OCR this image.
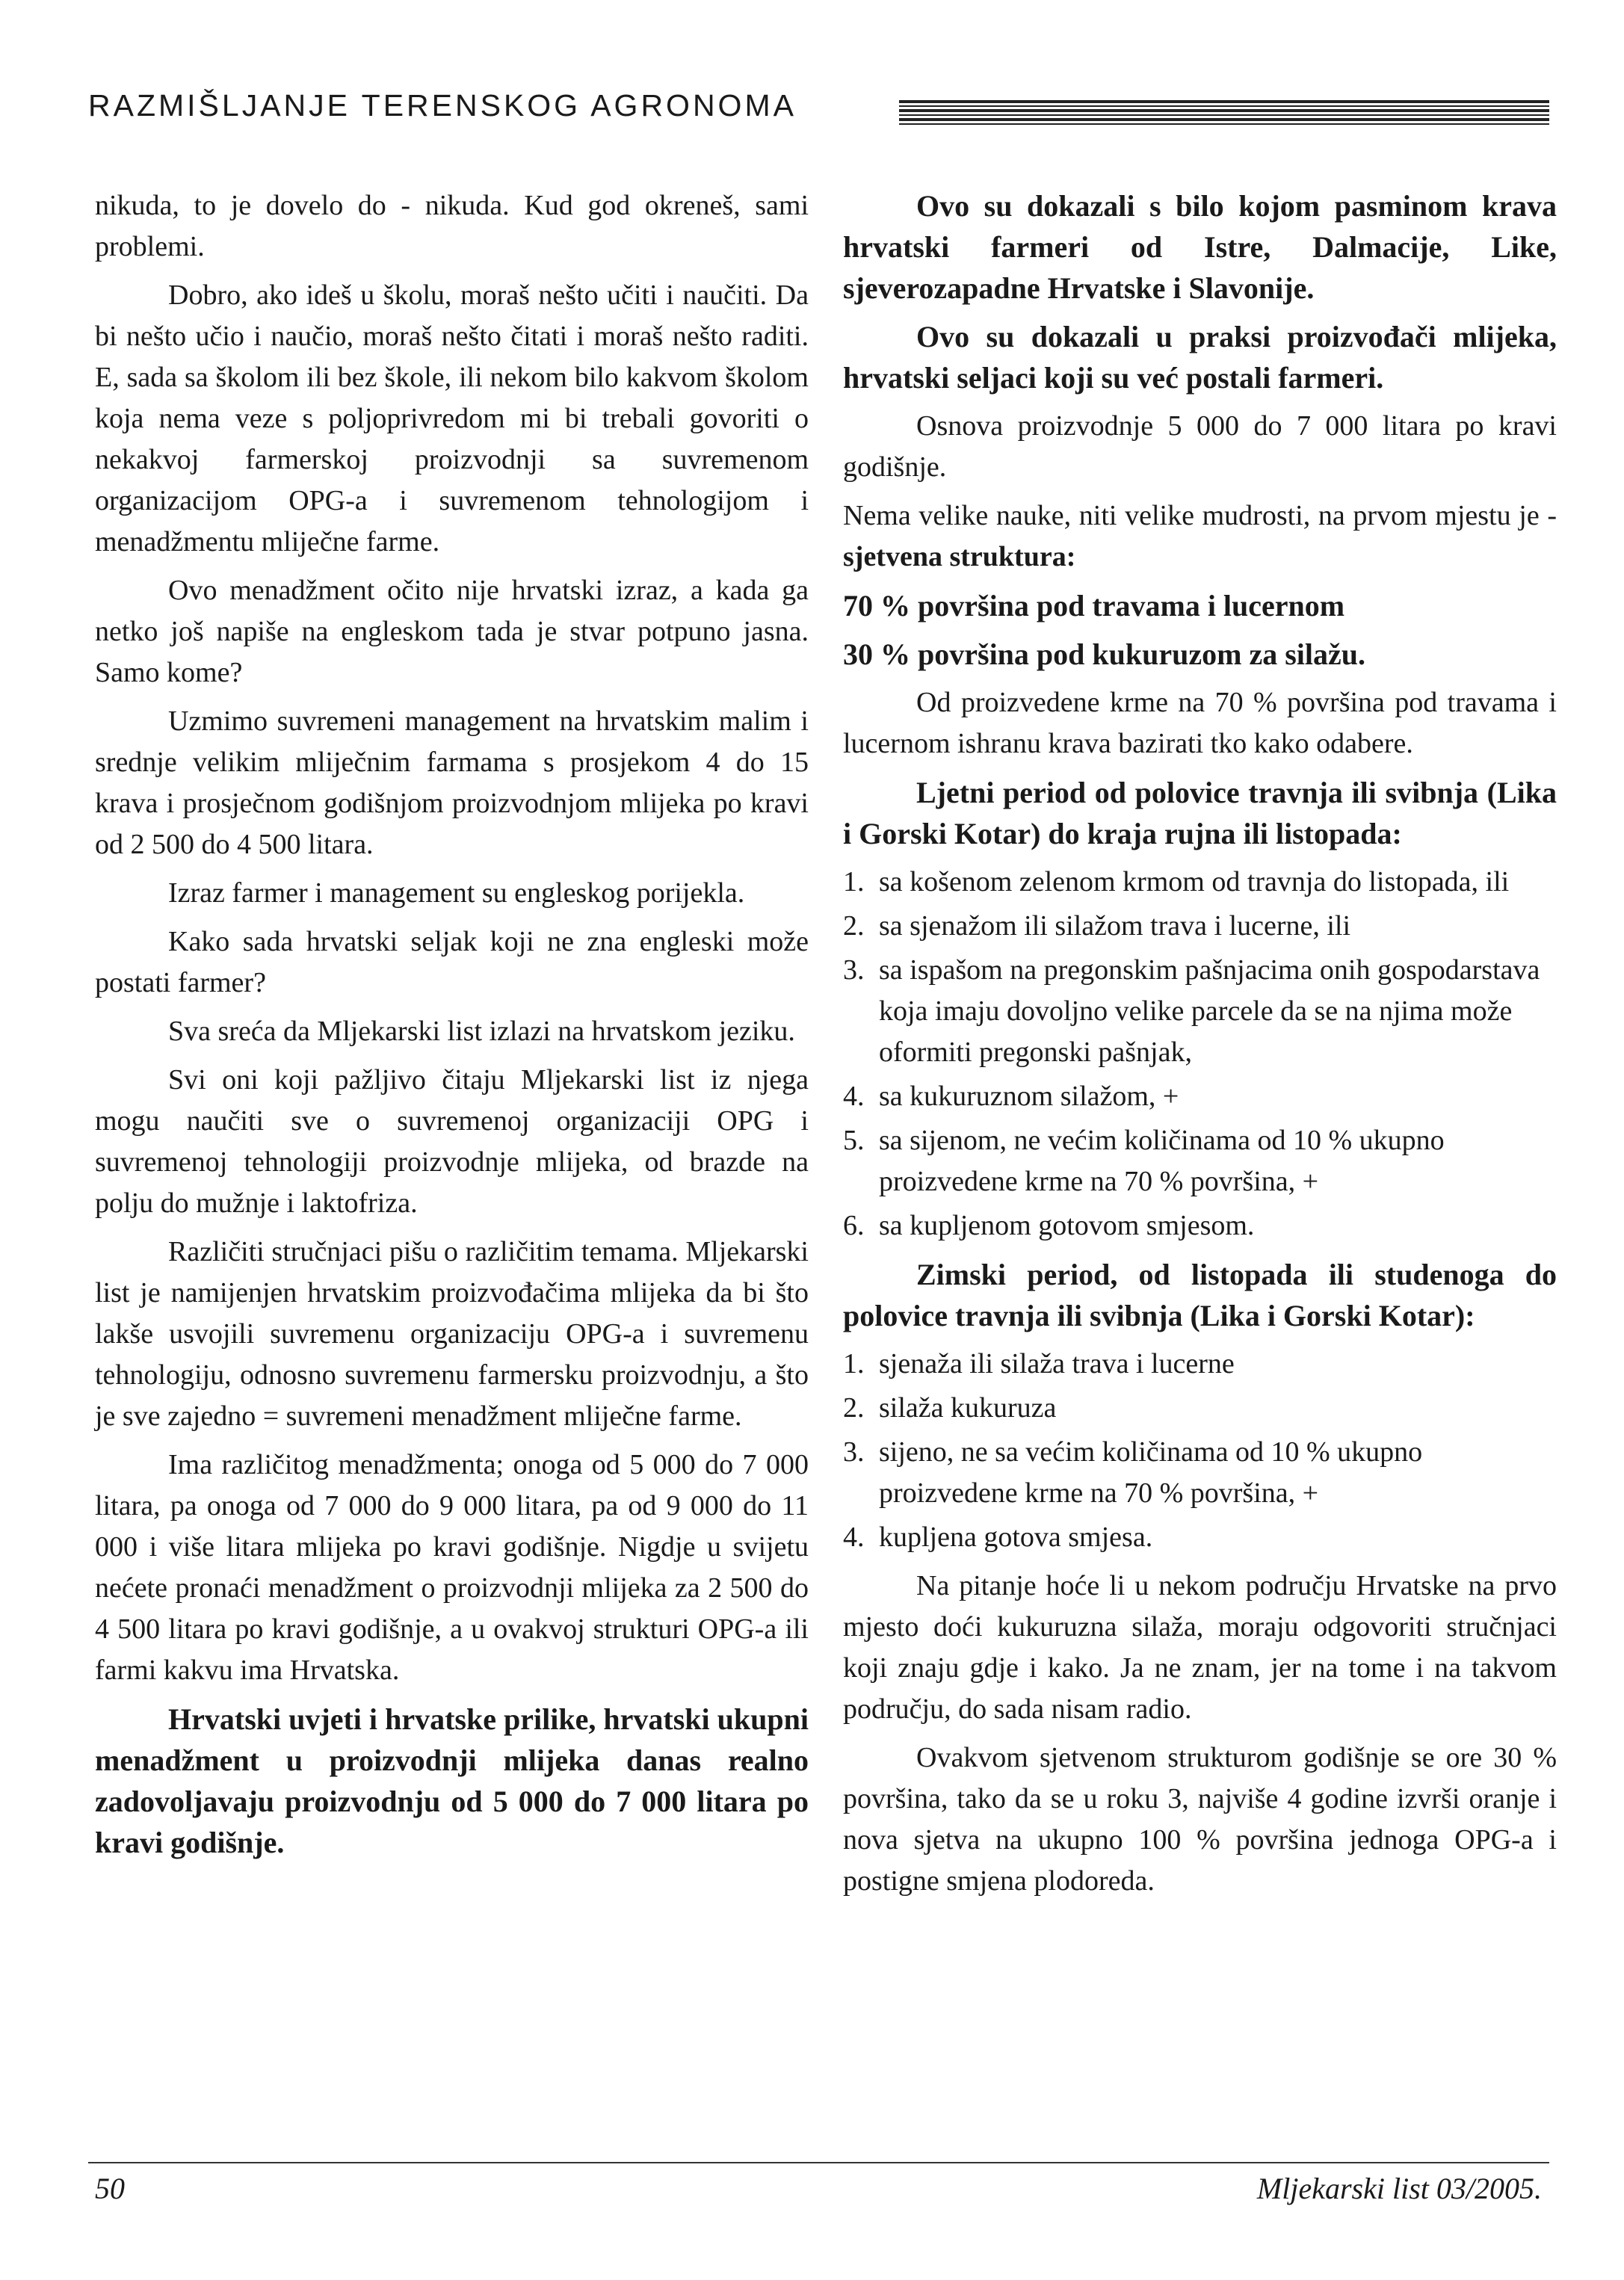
RAZMIŠLJANJE TERENSKOG AGRONOMA

nikuda, to je dovelo do - nikuda. Kud god okreneš, sami problemi.

Dobro, ako ideš u školu, moraš nešto učiti i naučiti. Da bi nešto učio i naučio, moraš nešto čitati i moraš nešto raditi. E, sada sa školom ili bez škole, ili nekom bilo kakvom školom koja nema veze s poljoprivredom mi bi trebali govoriti o nekakvoj farmerskoj proizvodnji sa suvremenom organizacijom OPG-a i suvremenom tehnologijom i menadžmentu mliječne farme.

Ovo menadžment očito nije hrvatski izraz, a kada ga netko još napiše na engleskom tada je stvar potpuno jasna. Samo kome?

Uzmimo suvremeni management na hrvatskim malim i srednje velikim mliječnim farmama s prosjekom 4 do 15 krava i prosječnom godišnjom proizvodnjom mlijeka po kravi od 2 500 do 4 500 litara.

Izraz farmer i management su engleskog porijekla.

Kako sada hrvatski seljak koji ne zna engleski može postati farmer?

Sva sreća da Mljekarski list izlazi na hrvatskom jeziku.

Svi oni koji pažljivo čitaju Mljekarski list iz njega mogu naučiti sve o suvremenoj organizaciji OPG i suvremenoj tehnologiji proizvodnje mlijeka, od brazde na polju do mužnje i laktofriza.

Različiti stručnjaci pišu o različitim temama. Mljekarski list je namijenjen hrvatskim proizvođačima mlijeka da bi što lakše usvojili suvremenu organizaciju OPG-a i suvremenu tehnologiju, odnosno suvremenu farmersku proizvodnju, a što je sve zajedno = suvremeni menadžment mliječne farme.

Ima različitog menadžmenta; onoga od 5 000 do 7 000 litara, pa onoga od 7 000 do 9 000 litara, pa od 9 000 do 11 000 i više litara mlijeka po kravi godišnje. Nigdje u svijetu nećete pronaći menadžment o proizvodnji mlijeka za 2 500 do 4 500 litara po kravi godišnje, a u ovakvoj strukturi OPG-a ili farmi kakvu ima Hrvatska.

Hrvatski uvjeti i hrvatske prilike, hrvatski ukupni menadžment u proizvodnji mlijeka danas realno zadovoljavaju proizvodnju od 5 000 do 7 000 litara po kravi godišnje.

Ovo su dokazali s bilo kojom pasminom krava hrvatski farmeri od Istre, Dalmacije, Like, sjeverozapadne Hrvatske i Slavonije.

Ovo su dokazali u praksi proizvođači mlijeka, hrvatski seljaci koji su već postali farmeri.

Osnova proizvodnje 5 000 do 7 000 litara po kravi godišnje.

Nema velike nauke, niti velike mudrosti, na prvom mjestu je - sjetvena struktura:

70 % površina pod travama i lucernom

30 % površina pod kukuruzom za silažu.

Od proizvedene krme na 70 % površina pod travama i lucernom ishranu krava bazirati tko kako odabere.

Ljetni period od polovice travnja ili svibnja (Lika i Gorski Kotar) do kraja rujna ili listopada:

1. sa košenom zelenom krmom od travnja do listopada, ili
2. sa sjenažom ili silažom trava i lucerne, ili
3. sa ispašom na pregonskim pašnjacima onih gospodarstava koja imaju dovoljno velike parcele da se na njima može oformiti pregonski pašnjak,
4. sa kukuruznom silažom, +
5. sa sijenom, ne većim količinama od 10 % ukupno proizvedene krme na 70 % površina, +
6. sa kupljenom gotovom smjesom.

Zimski period, od listopada ili studenoga do polovice travnja ili svibnja (Lika i Gorski Kotar):

1. sjenaža ili silaža trava i lucerne
2. silaža kukuruza
3. sijeno, ne sa većim količinama od 10 % ukupno proizvedene krme na 70 % površina, +
4. kupljena gotova smjesa.

Na pitanje hoće li u nekom području Hrvatske na prvo mjesto doći kukuruzna silaža, moraju odgovoriti stručnjaci koji znaju gdje i kako. Ja ne znam, jer na tome i na takvom području, do sada nisam radio.

Ovakvom sjetvenom strukturom godišnje se ore 30 % površina, tako da se u roku 3, najviše 4 godine izvrši oranje i nova sjetva na ukupno 100 % površina jednoga OPG-a i postigne smjena plodoreda.

50	Mljekarski list 03/2005.
